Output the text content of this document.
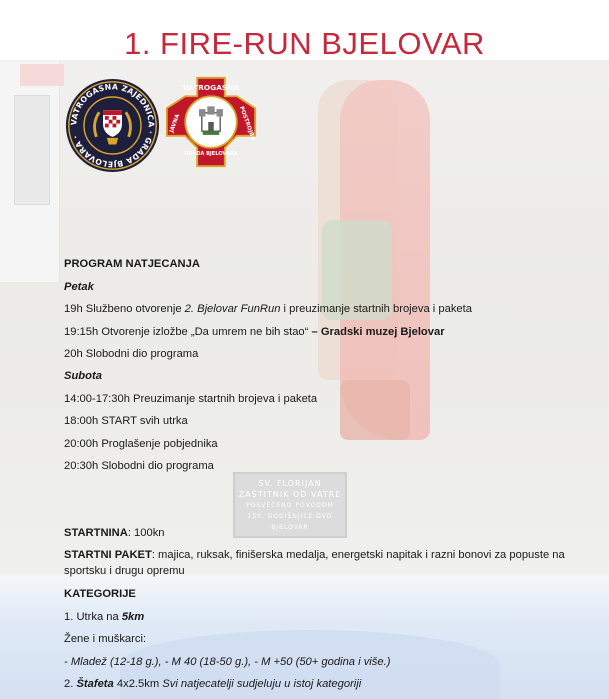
SV. FLORIJAN
ZAŠTITNIK OD VATRE
POSVEĆENO POVODOM
150. GODIŠNJICE DVD
BJELOVAR
1. FIRE-RUN BJELOVAR
VATROGASNA ZAJEDNICA · GRADA BJELOVARA ·
VATROGASNA
JAVNA	POSTROJBA
GRADA BJELOVARA
PROGRAM NATJECANJA
Petak
19h Službeno otvorenje 2. Bjelovar FunRun i preuzimanje startnih brojeva i paketa
19:15h Otvorenje izložbe „Da umrem ne bih stao“ – Gradski muzej Bjelovar
20h Slobodni dio programa
Subota
14:00-17:30h Preuzimanje startnih brojeva i paketa
18:00h START svih utrka
20:00h Proglašenje pobjednika
20:30h Slobodni dio programa
STARTNINA: 100kn
STARTNI PAKET: majica, ruksak, finišerska medalja, energetski napitak i razni bonovi za popuste na
sportsku i drugu opremu
KATEGORIJE
1. Utrka na 5km
Žene i muškarci:
- Mladež (12-18 g.), - M 40 (18-50 g.), - M +50 (50+ godina i više.)
2. Štafeta 4x2.5km Svi natjecatelji sudjeluju u istoj kategoriji
